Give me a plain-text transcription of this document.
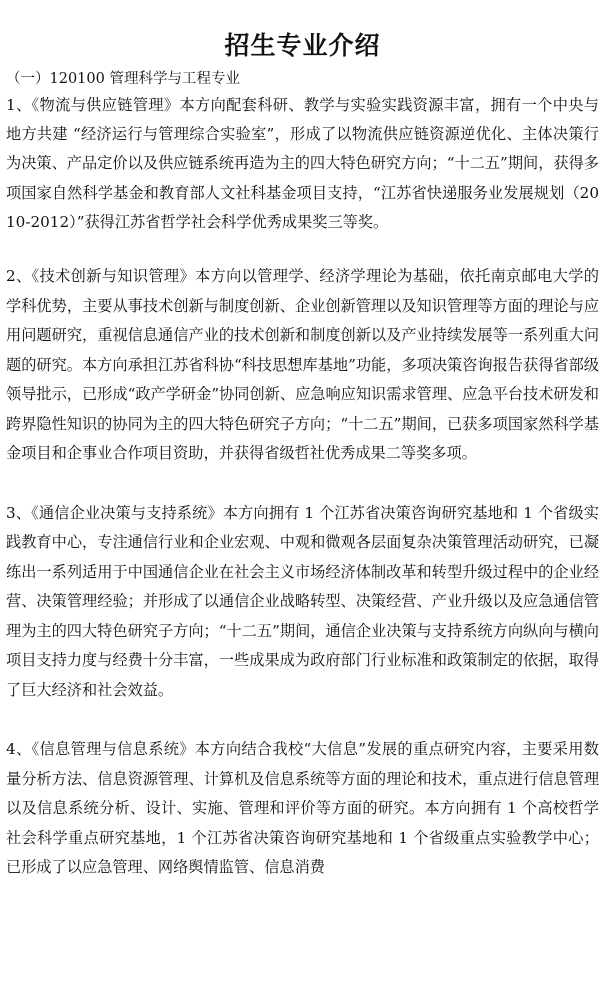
招生专业介绍
（一）120100 管理科学与工程专业

1、《物流与供应链管理》本方向配套科研、教学与实验实践资源丰富，拥有一个中央与地方共建 “经济运行与管理综合实验室”，形成了以物流供应链资源逆优化、主体决策行为决策、产品定价以及供应链系统再造为主的四大特色研究方向；“十二五”期间，获得多项国家自然科学基金和教育部人文社科基金项目支持，“江苏省快递服务业发展规划（2010-2012）”获得江苏省哲学社会科学优秀成果奖三等奖。

2、《技术创新与知识管理》本方向以管理学、经济学理论为基础，依托南京邮电大学的学科优势，主要从事技术创新与制度创新、企业创新管理以及知识管理等方面的理论与应用问题研究，重视信息通信产业的技术创新和制度创新以及产业持续发展等一系列重大问题的研究。本方向承担江苏省科协“科技思想库基地”功能，多项决策咨询报告获得省部级领导批示，已形成“政产学研金”协同创新、应急响应知识需求管理、应急平台技术研发和跨界隐性知识的协同为主的四大特色研究子方向；“十二五”期间，已获多项国家然科学基金项目和企事业合作项目资助，并获得省级哲社优秀成果二等奖多项。

3、《通信企业决策与支持系统》本方向拥有 1 个江苏省决策咨询研究基地和 1 个省级实践教育中心，专注通信行业和企业宏观、中观和微观各层面复杂决策管理活动研究，已凝练出一系列适用于中国通信企业在社会主义市场经济体制改革和转型升级过程中的企业经营、决策管理经验；并形成了以通信企业战略转型、决策经营、产业升级以及应急通信管理为主的四大特色研究子方向；“十二五”期间，通信企业决策与支持系统方向纵向与横向项目支持力度与经费十分丰富，一些成果成为政府部门行业标准和政策制定的依据，取得了巨大经济和社会效益。

4、《信息管理与信息系统》本方向结合我校“大信息”发展的重点研究内容，主要采用数量分析方法、信息资源管理、计算机及信息系统等方面的理论和技术，重点进行信息管理以及信息系统分析、设计、实施、管理和评价等方面的研究。本方向拥有 1 个高校哲学社会科学重点研究基地，1 个江苏省决策咨询研究基地和 1 个省级重点实验教学中心；已形成了以应急管理、网络舆情监管、信息消费
